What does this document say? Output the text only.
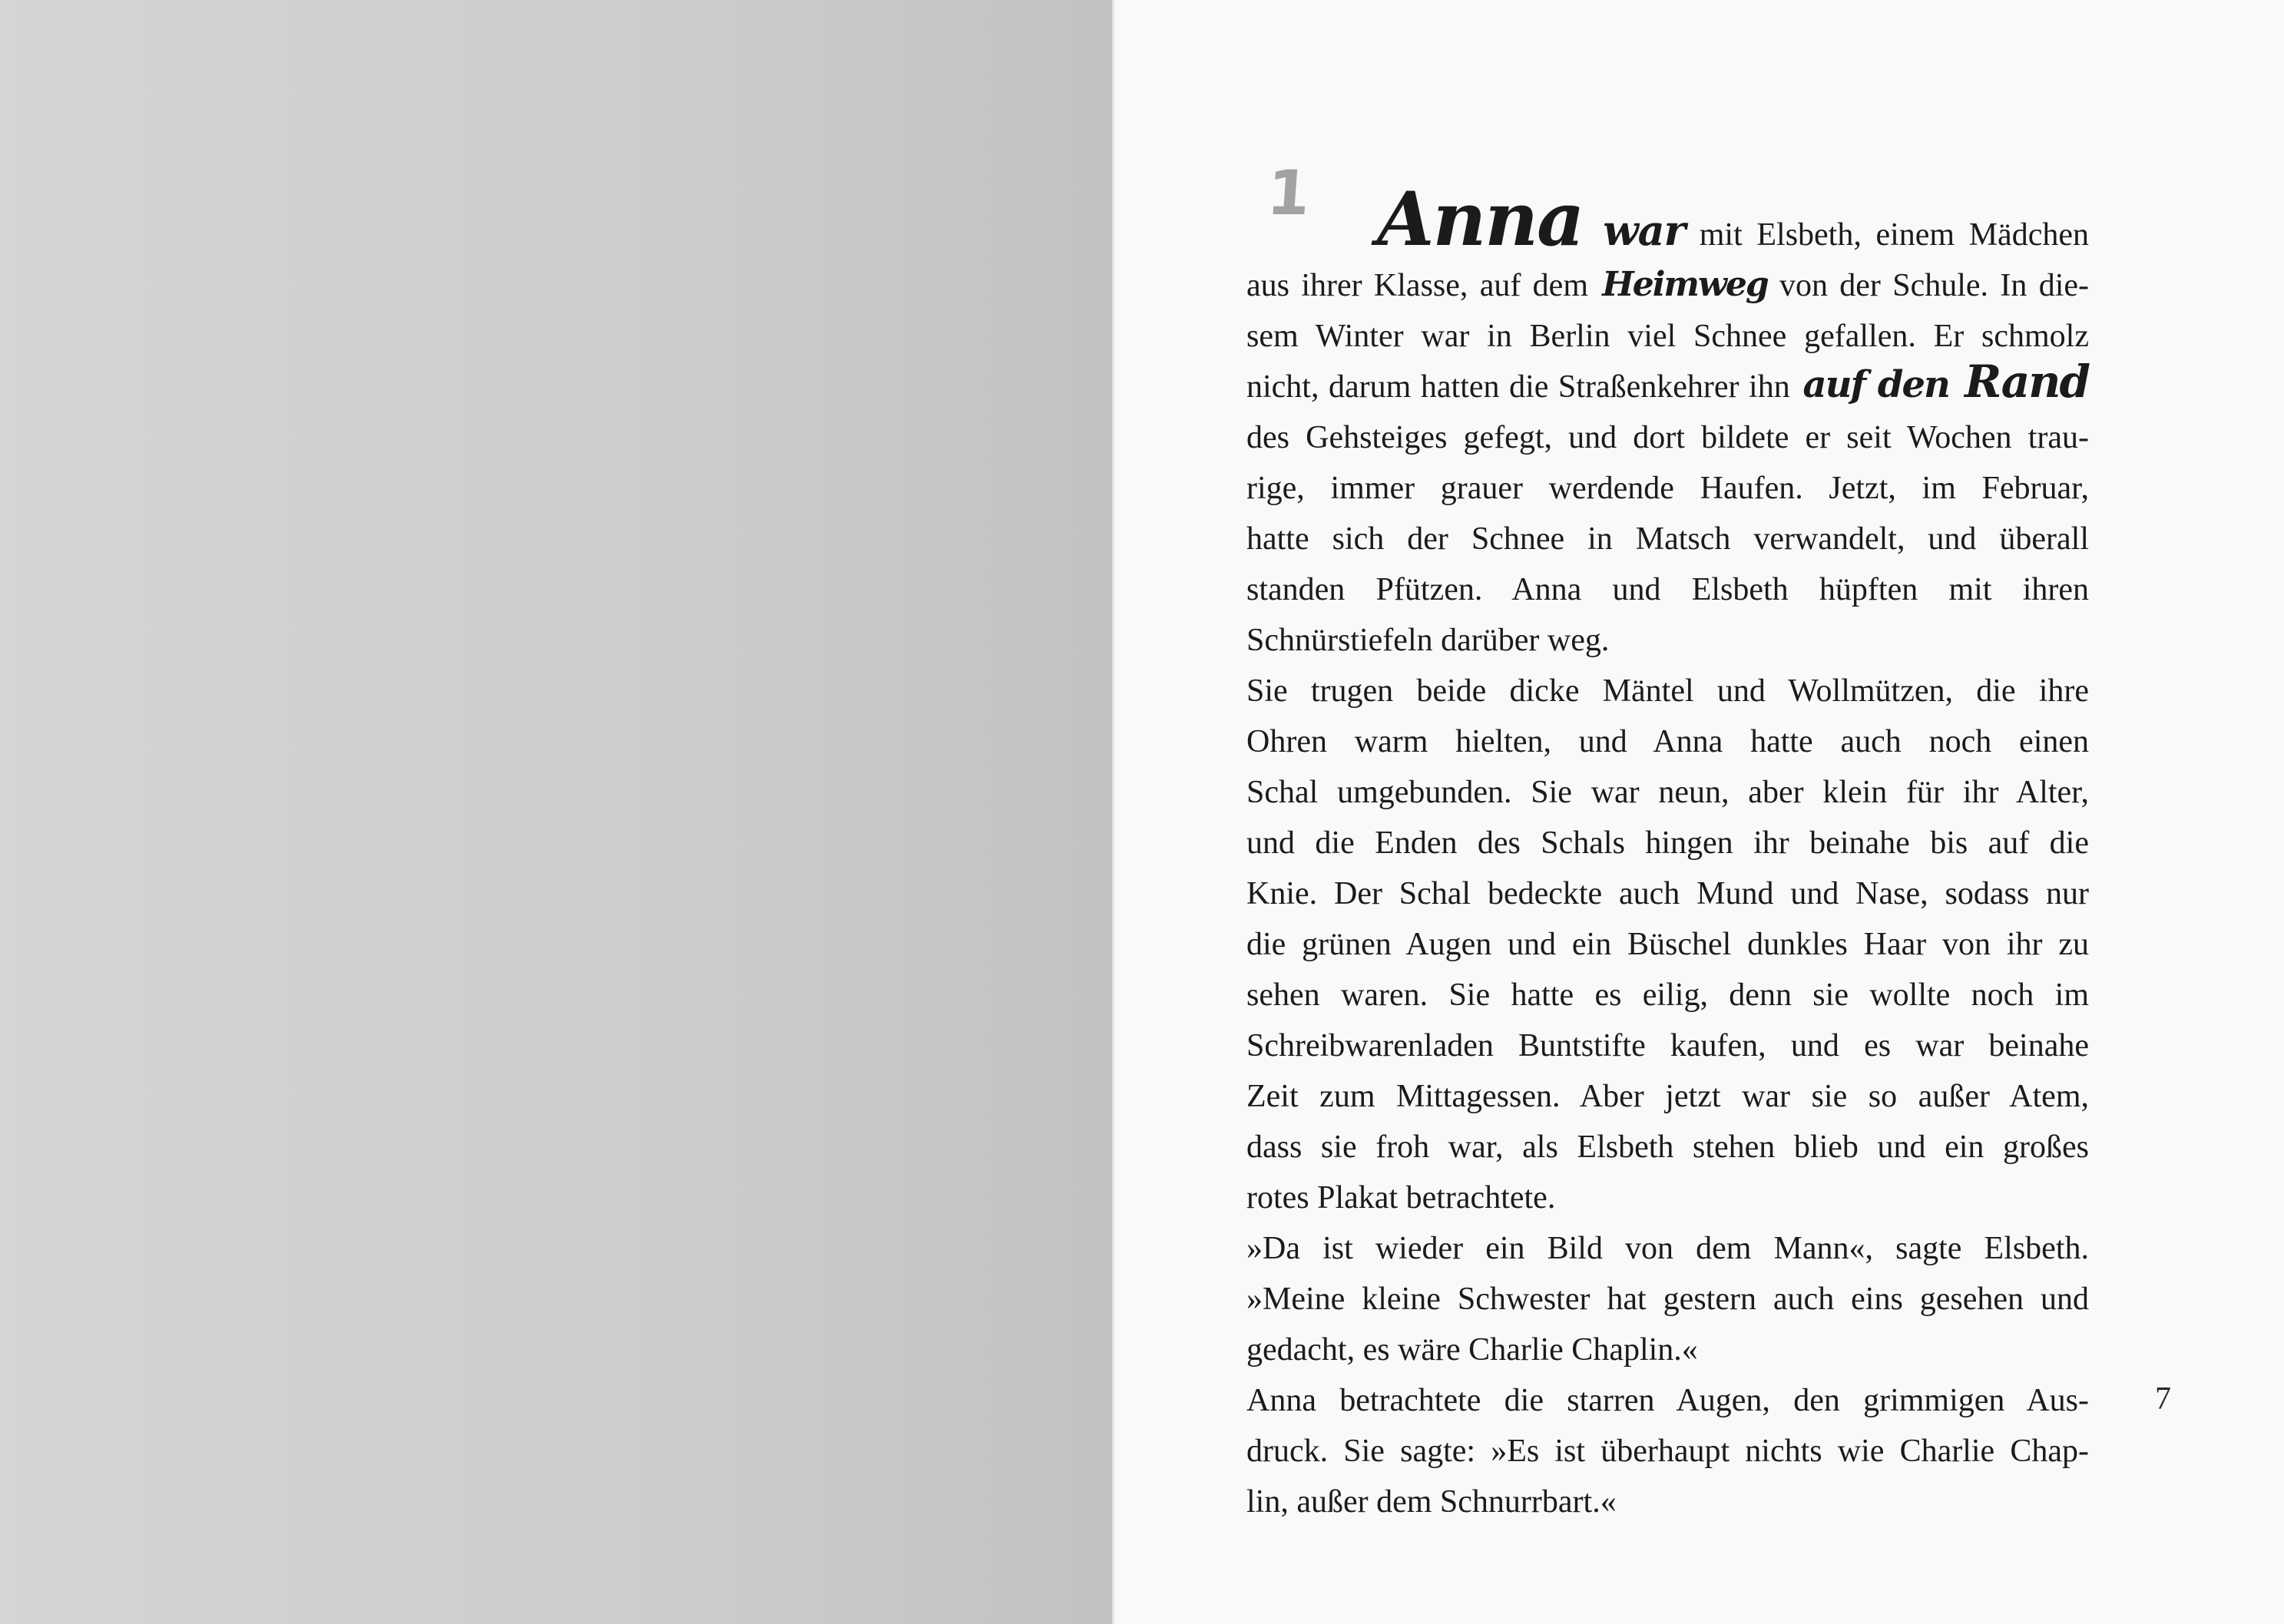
1 Anna war mit Elsbeth, einem Mädchen
aus ihrer Klasse, auf dem Heimweg von der Schule. In die-
sem Winter war in Berlin viel Schnee gefallen. Er schmolz
nicht, darum hatten die Straßenkehrer ihn auf den Rand
des Gehsteiges gefegt, und dort bildete er seit Wochen trau-
rige, immer grauer werdende Haufen. Jetzt, im Februar,
hatte sich der Schnee in Matsch verwandelt, und überall
standen Pfützen. Anna und Elsbeth hüpften mit ihren
Schnürstiefeln darüber weg.
Sie trugen beide dicke Mäntel und Wollmützen, die ihre
Ohren warm hielten, und Anna hatte auch noch einen
Schal umgebunden. Sie war neun, aber klein für ihr Alter,
und die Enden des Schals hingen ihr beinahe bis auf die
Knie. Der Schal bedeckte auch Mund und Nase, sodass nur
die grünen Augen und ein Büschel dunkles Haar von ihr zu
sehen waren. Sie hatte es eilig, denn sie wollte noch im
Schreibwarenladen Buntstifte kaufen, und es war beinahe
Zeit zum Mittagessen. Aber jetzt war sie so außer Atem,
dass sie froh war, als Elsbeth stehen blieb und ein großes
rotes Plakat betrachtete.
»Da ist wieder ein Bild von dem Mann«, sagte Elsbeth.
»Meine kleine Schwester hat gestern auch eins gesehen und
gedacht, es wäre Charlie Chaplin.«
Anna betrachtete die starren Augen, den grimmigen Aus-
druck. Sie sagte: »Es ist überhaupt nichts wie Charlie Chap-
lin, außer dem Schnurrbart.«
7
